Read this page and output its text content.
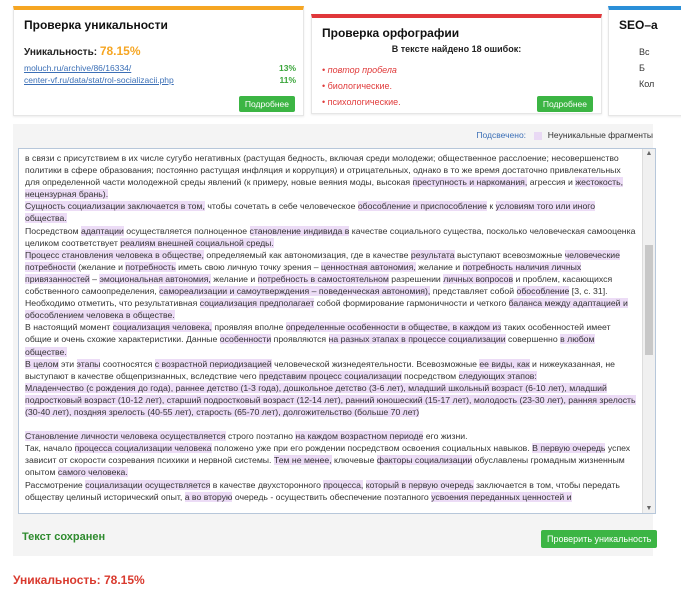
Проверка уникальности
Уникальность: 78.15%
moluch.ru/archive/86/16334/	13%
center-vf.ru/data/stat/rol-socializacii.php	11%
Подробнее
Проверка орфографии
В тексте найдено 18 ошибок:
• повтор пробела
• биологические.
• психологические.	Подробнее
SEO–а
Вс
Б
Кол
Подсвечено:	Неуникальные фрагменты

в связи с присутствием в их числе сугубо негативных (растущая бедность, включая среди молодежи; общественное расслоение; несовершенство политики в сфере образования; постоянно растущая инфляция и коррупция) и отрицательных, однако в то же время достаточно привлекательных для определенной части молодежной среды явлений (к примеру, новые веяния моды, высокая преступность и наркомания, агрессия и жестокость, нецензурная брань).

Сущность социализации заключается в том, чтобы сочетать в себе человеческое обособление и приспособление к условиям того или иного общества.

Посредством адаптации осуществляется полноценное становление индивида в качестве социального существа, посколько человеческая самооценка целиком соответствует реалиям внешней социальной среды.

Процесс становления человека в обществе, определяемый как автономизация, где в качестве результата выступают всевозможные человеческие потребности (желание и потребность иметь свою личную точку зрения – ценностная автономия, желание и потребность наличия личных привязанностей – эмоциональная автономия, желание и потребность в самостоятельном разрешении личных вопросов и проблем, касающихся собственного самоопределения, самореализации и самоутверждения – поведенческая автономия), представляет собой обособление [3, с. 31].

Необходимо отметить, что результативная социализация предполагает собой формирование гармоничности и четкого баланса между адаптацией и обособлением человека в обществе.

В настоящий момент социализация человека, проявляя вполне определенные особенности в обществе, в каждом из таких особенностей имеет общие и очень схожие характеристики. Данные особенности проявляются на разных этапах в процессе социализации совершенно в любом обществе.

В целом эти этапы соотносятся с возрастной периодизацией человеческой жизнедеятельности. Всевозможные ее виды, как и нижеуказанная, не выступают в качестве общепризнанных, вследствие чего представим процесс социализации посредством следующих этапов:

Младенчество (с рождения до года), раннее детство (1-3 года), дошкольное детство (3-6 лет), младший школьный возраст (6-10 лет), младший подростковый возраст (10-12 лет), старший подростковый возраст (12-14 лет), ранний юношеский (15-17 лет), молодость (23-30 лет), ранняя зрелость (30-40 лет), поздняя зрелость (40-55 лет), старость (65-70 лет), долгожительство (больше 70 лет)

Становление личности человека осуществляется строго поэтапно на каждом возрастном периоде его жизни.

Так, начало процесса социализации человека положено уже при его рождении посредством освоения социальных навыков. В первую очередь успех зависит от скорости созревания психики и нервной системы. Тем не менее, ключевые факторы социализации обуславлены громадным жизненным опытом самого человека.

Рассмотрение социализации осуществляется в качестве двухсторонного процесса, который в первую очередь заключается в том, чтобы передать обществу целиный исторический опыт, а во вторую очередь - осуществить обеспечение поэтапного усвоения переданных ценностей и

▲
▼
Текст сохранен	Проверить уникальность
Уникальность: 78.15%
